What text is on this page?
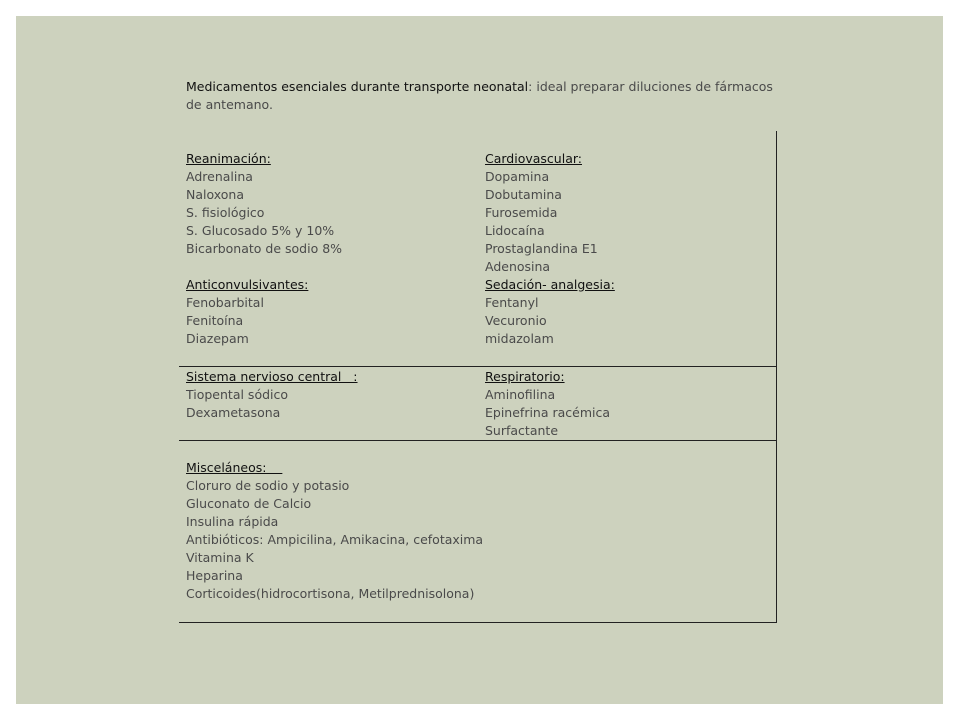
Medicamentos esenciales durante transporte neonatal: ideal preparar diluciones de fármacos de antemano.
Reanimación:
Adrenalina
Naloxona
S. fisiológico
S. Glucosado 5% y 10%
Bicarbonato de sodio 8%

Anticonvulsivantes:
Fenobarbital
Fenitoína
Diazepam
Cardiovascular:
Dopamina
Dobutamina
Furosemida
Lidocaína
Prostaglandina E1
Adenosina
Sedación- analgesia:
Fentanyl
Vecuronio
midazolam
Sistema nervioso central   :
Tiopental sódico
Dexametasona
Respiratorio:
Aminofilina
Epinefrina racémica
Surfactante
Misceláneos:
Cloruro de sodio y potasio
Gluconato de Calcio
Insulina rápida
Antibióticos: Ampicilina, Amikacina, cefotaxima
Vitamina K
Heparina
Corticoides(hidrocortisona, Metilprednisolona)
